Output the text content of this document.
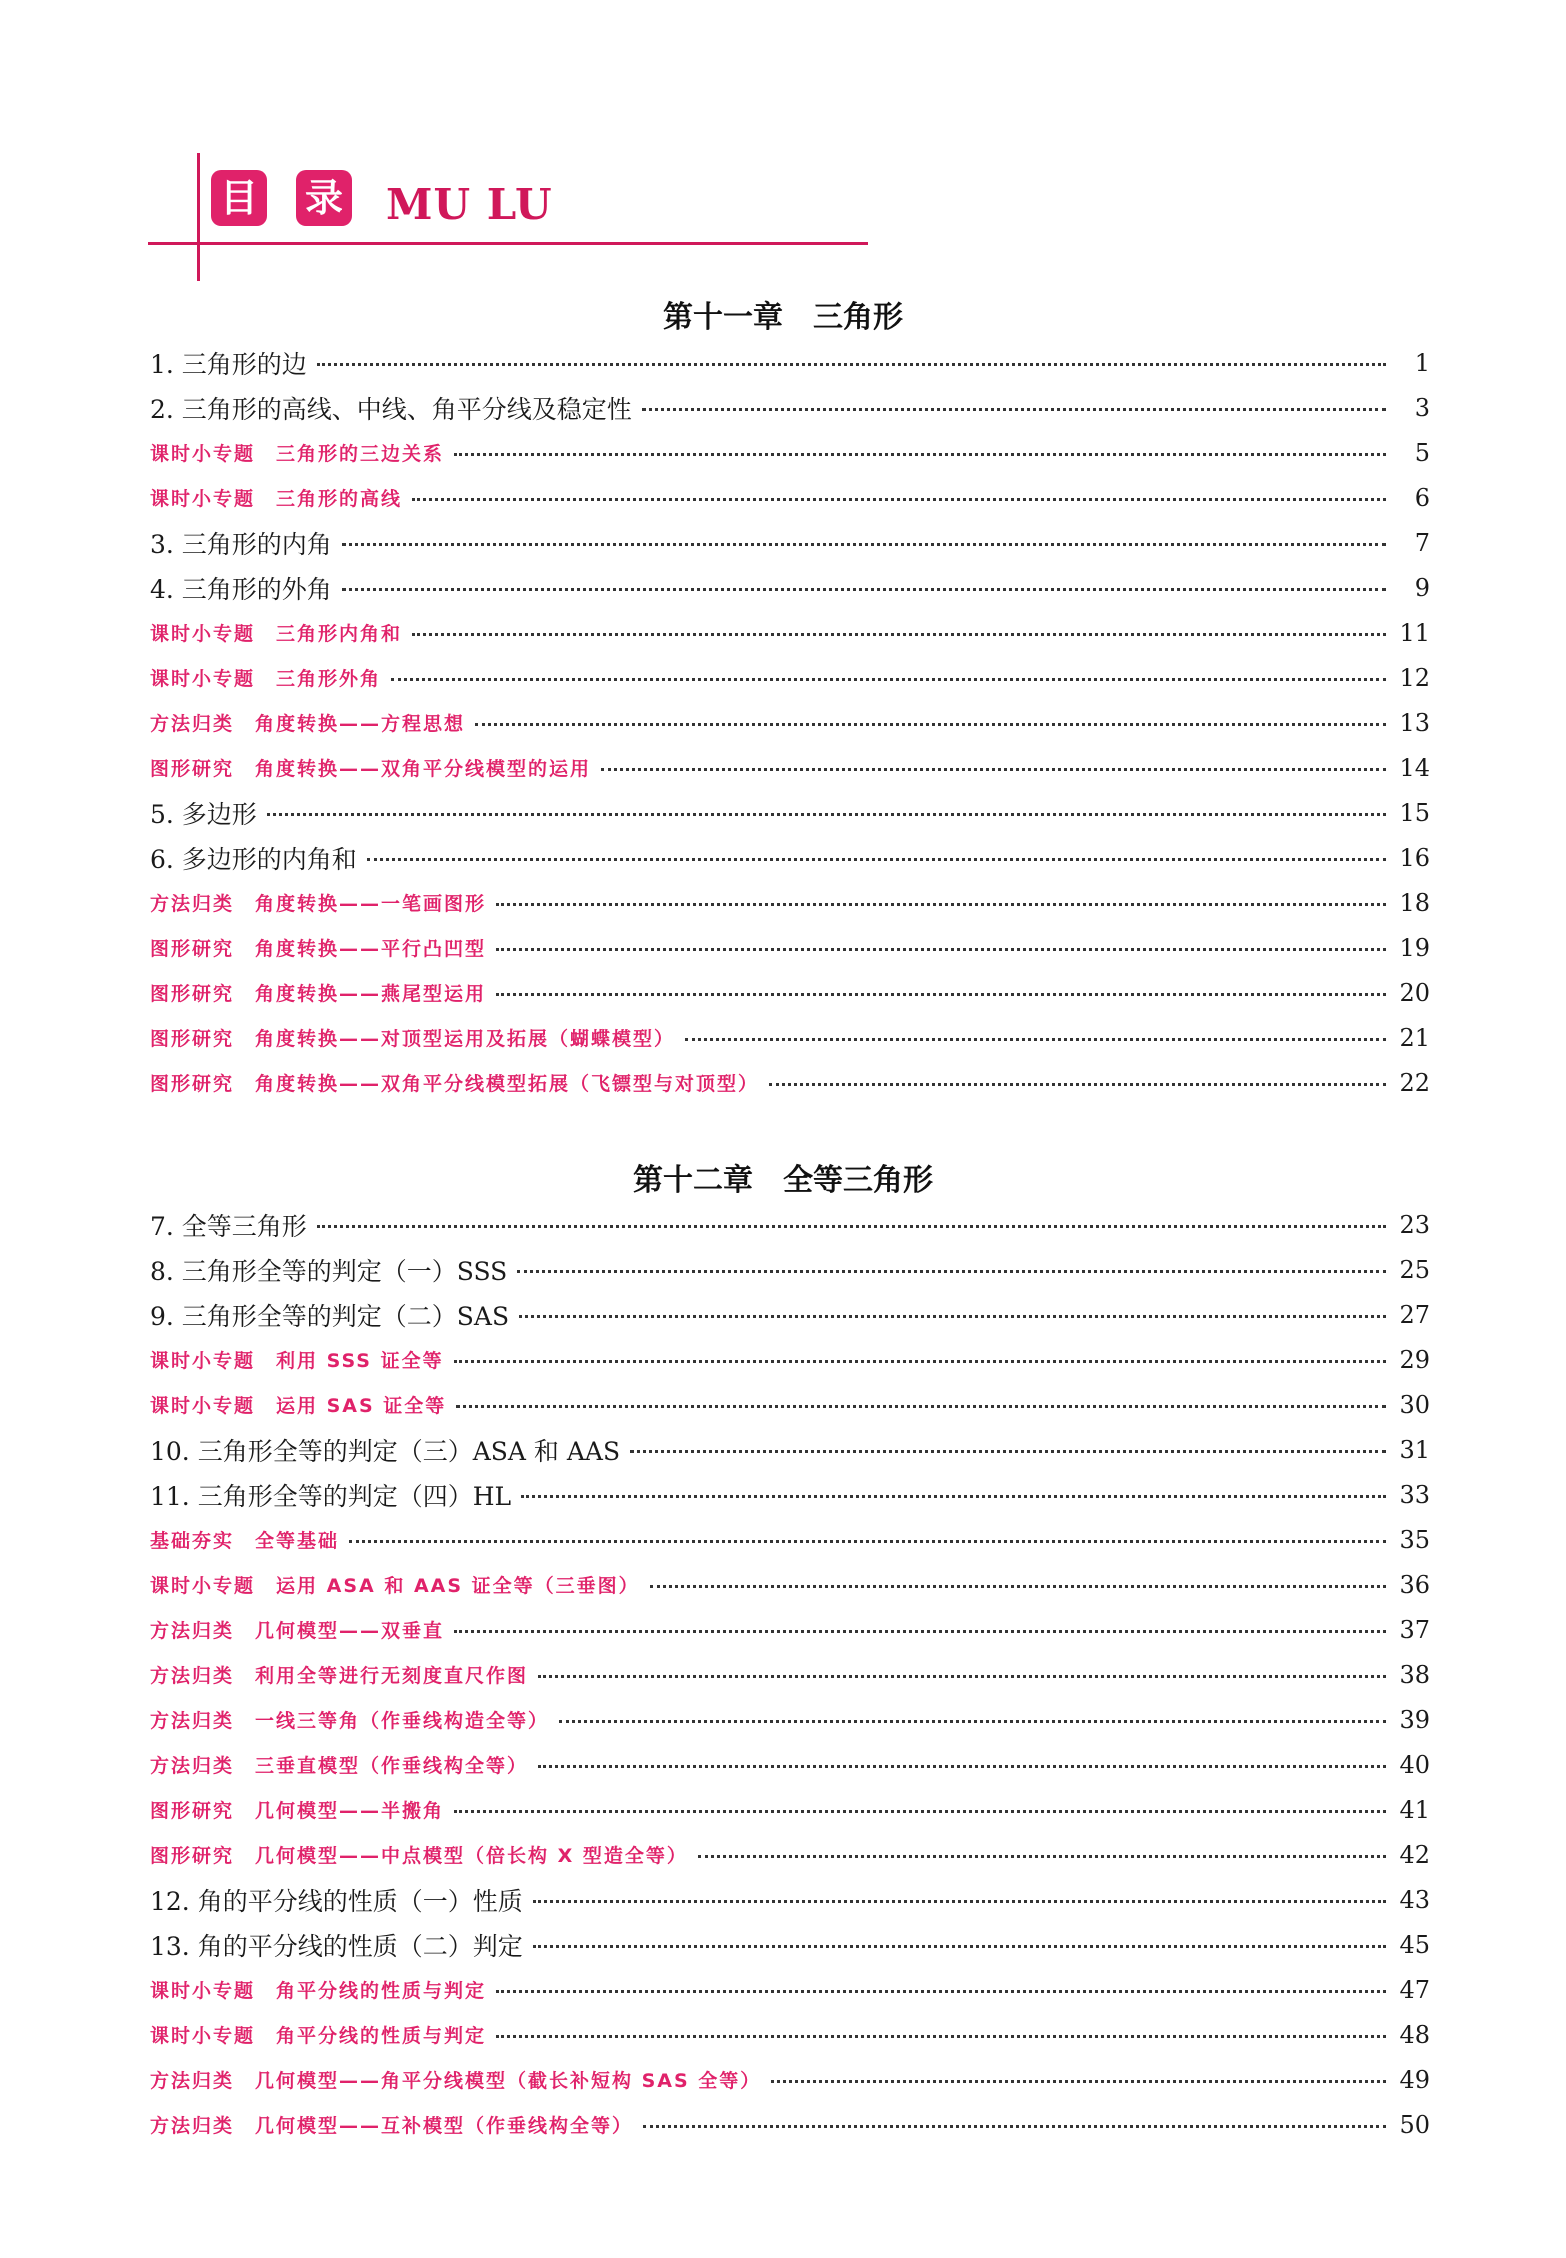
目 录 MU LU
第十一章　三角形
1. 三角形的边	1
2. 三角形的高线、中线、角平分线及稳定性	3
课时小专题　三角形的三边关系	5
课时小专题　三角形的高线	6
3. 三角形的内角	7
4. 三角形的外角	9
课时小专题　三角形内角和	11
课时小专题　三角形外角	12
方法归类　角度转换——方程思想	13
图形研究　角度转换——双角平分线模型的运用	14
5. 多边形	15
6. 多边形的内角和	16
方法归类　角度转换——一笔画图形	18
图形研究　角度转换——平行凸凹型	19
图形研究　角度转换——燕尾型运用	20
图形研究　角度转换——对顶型运用及拓展（蝴蝶模型）	21
图形研究　角度转换——双角平分线模型拓展（飞镖型与对顶型）	22
第十二章　全等三角形
7. 全等三角形	23
8. 三角形全等的判定（一）SSS	25
9. 三角形全等的判定（二）SAS	27
课时小专题　利用 SSS 证全等	29
课时小专题　运用 SAS 证全等	30
10. 三角形全等的判定（三）ASA 和 AAS	31
11. 三角形全等的判定（四）HL	33
基础夯实　全等基础	35
课时小专题　运用 ASA 和 AAS 证全等（三垂图）	36
方法归类　几何模型——双垂直	37
方法归类　利用全等进行无刻度直尺作图	38
方法归类　一线三等角（作垂线构造全等）	39
方法归类　三垂直模型（作垂线构全等）	40
图形研究　几何模型——半搬角	41
图形研究　几何模型——中点模型（倍长构 X 型造全等）	42
12. 角的平分线的性质（一）性质	43
13. 角的平分线的性质（二）判定	45
课时小专题　角平分线的性质与判定	47
课时小专题　角平分线的性质与判定	48
方法归类　几何模型——角平分线模型（截长补短构 SAS 全等）	49
方法归类　几何模型——互补模型（作垂线构全等）	50
